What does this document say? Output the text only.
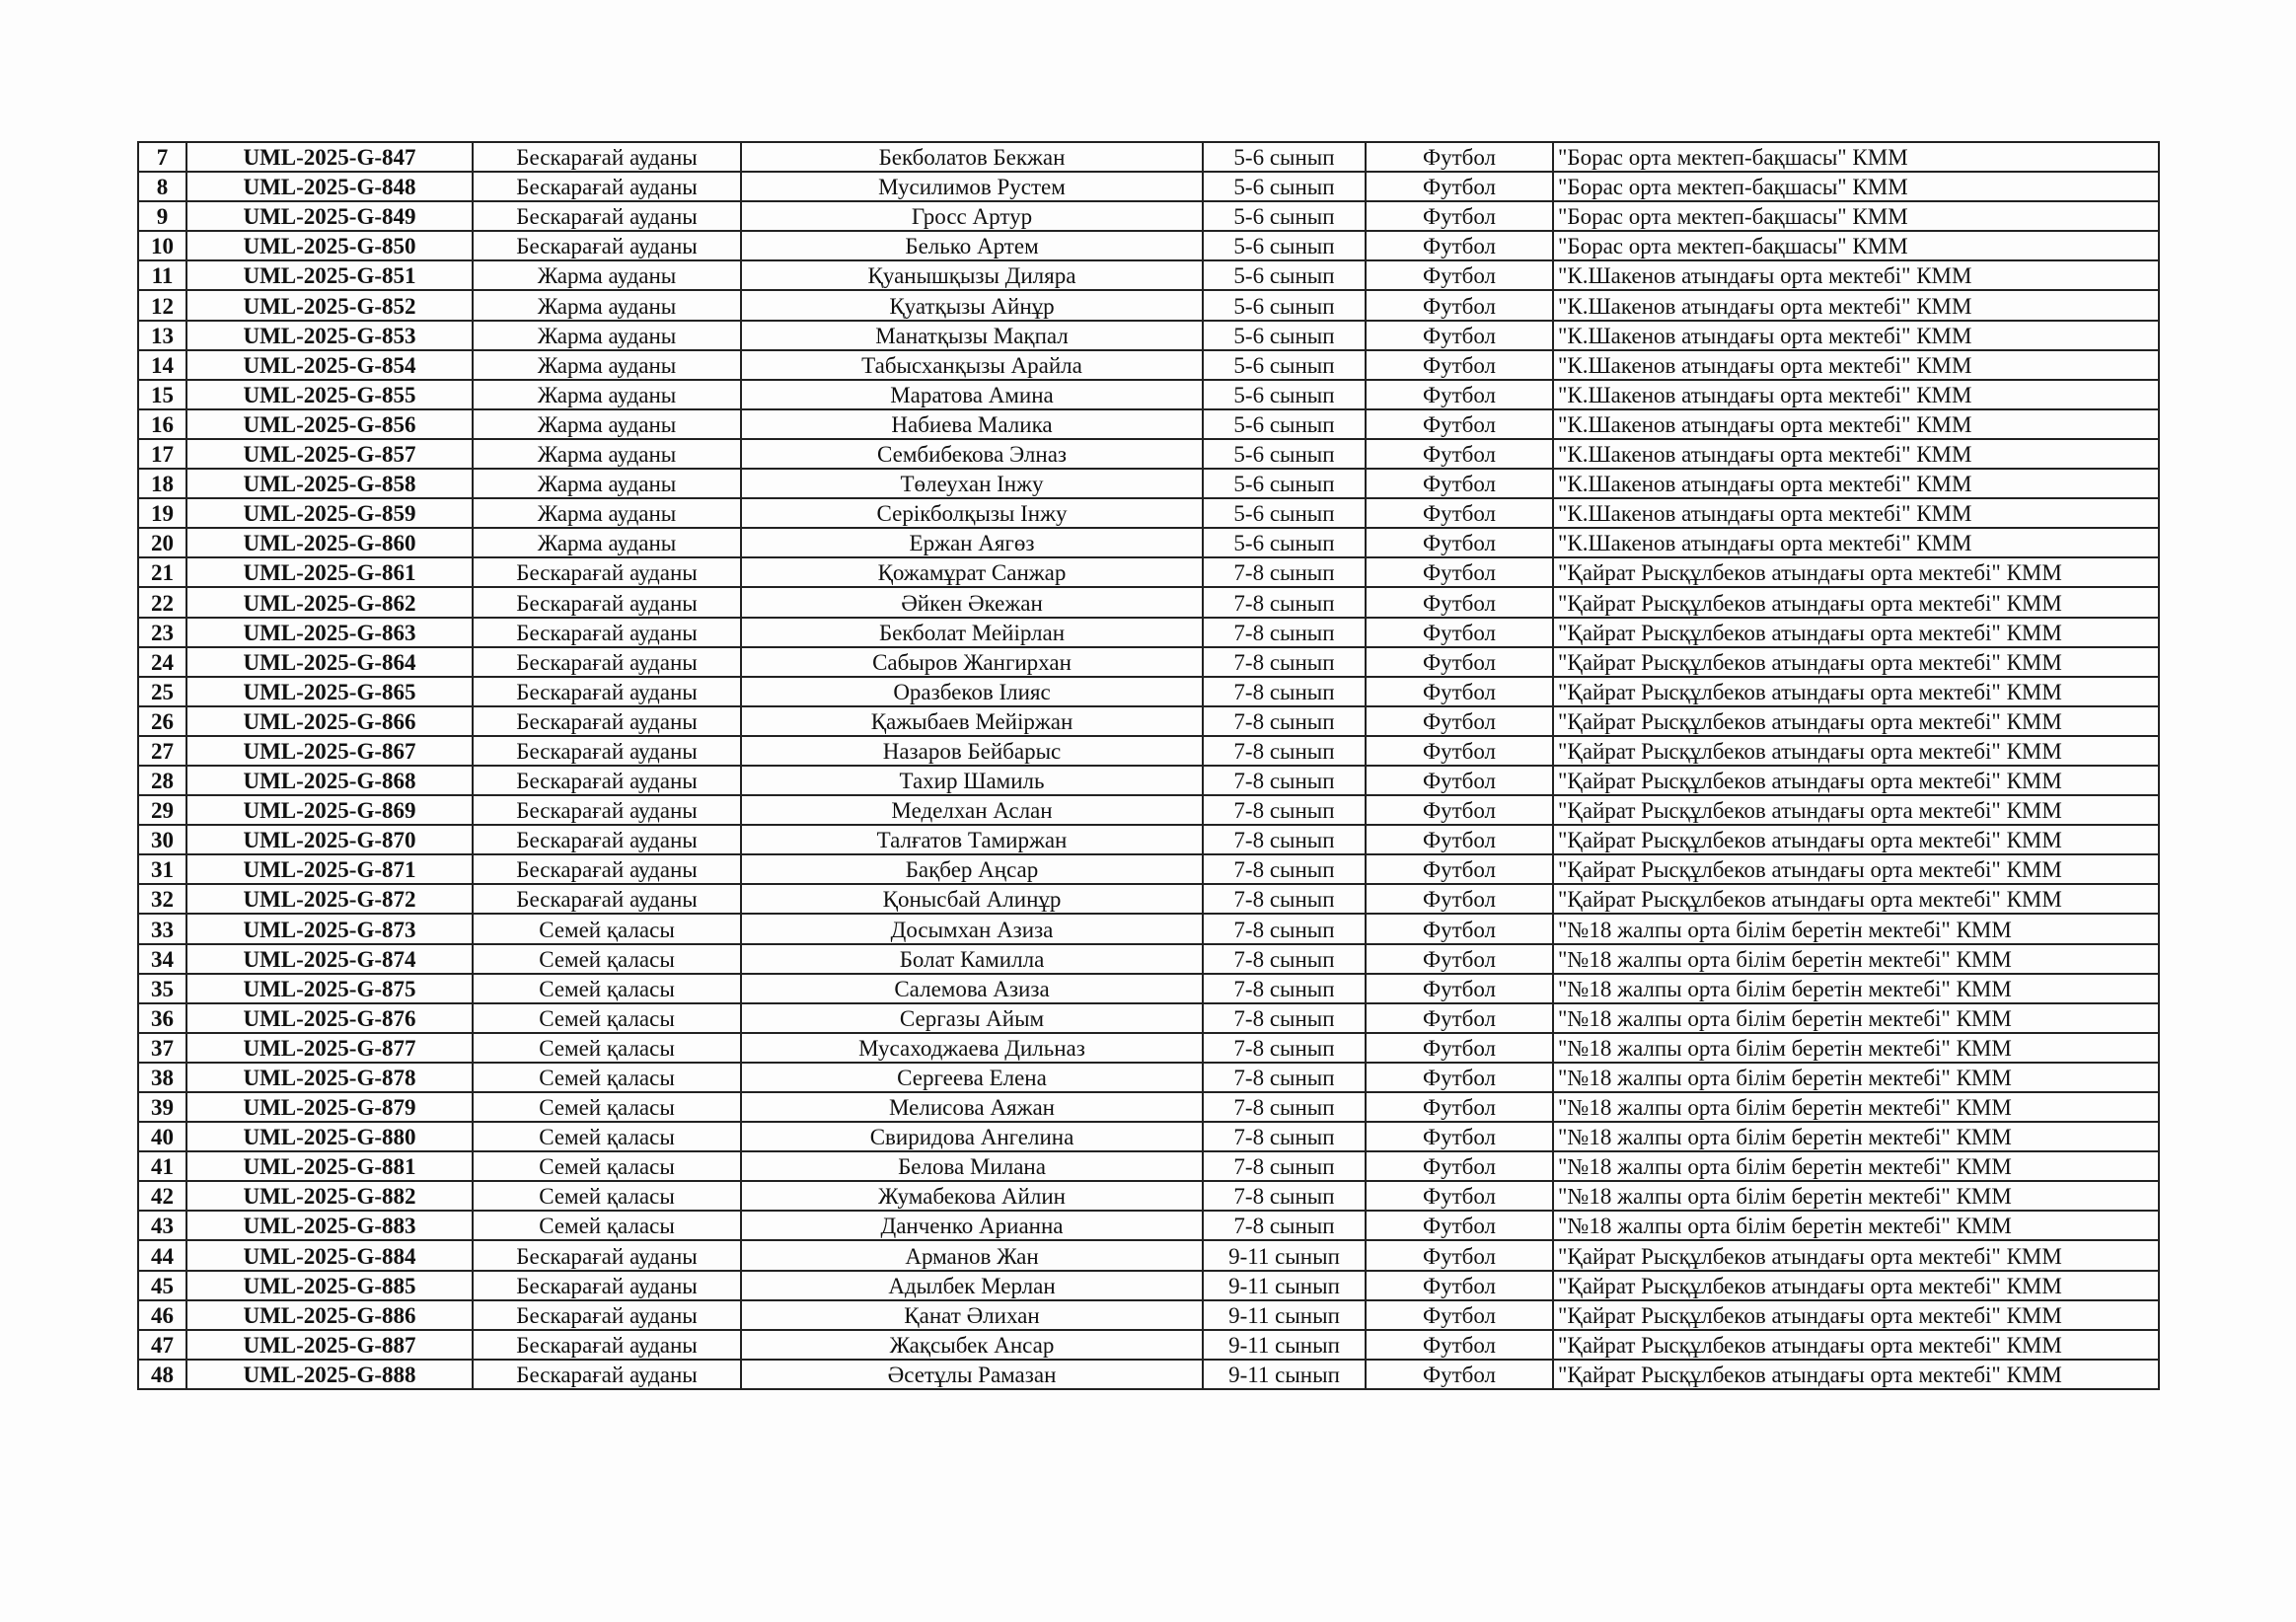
7	UML-2025-G-847	Бескарағай ауданы	Бекболатов Бекжан	5-6 сынып	Футбол	"Борас орта мектеп-бақшасы" КММ
8	UML-2025-G-848	Бескарағай ауданы	Мусилимов Рустем	5-6 сынып	Футбол	"Борас орта мектеп-бақшасы" КММ
9	UML-2025-G-849	Бескарағай ауданы	Гросс Артур	5-6 сынып	Футбол	"Борас орта мектеп-бақшасы" КММ
10	UML-2025-G-850	Бескарағай ауданы	Белько Артем	5-6 сынып	Футбол	"Борас орта мектеп-бақшасы" КММ
11	UML-2025-G-851	Жарма ауданы	Қуанышқызы Диляра	5-6 сынып	Футбол	"К.Шакенов атындағы орта мектебі" КММ
12	UML-2025-G-852	Жарма ауданы	Қуатқызы Айнұр	5-6 сынып	Футбол	"К.Шакенов атындағы орта мектебі" КММ
13	UML-2025-G-853	Жарма ауданы	Манатқызы Мақпал	5-6 сынып	Футбол	"К.Шакенов атындағы орта мектебі" КММ
14	UML-2025-G-854	Жарма ауданы	Табысханқызы Арайла	5-6 сынып	Футбол	"К.Шакенов атындағы орта мектебі" КММ
15	UML-2025-G-855	Жарма ауданы	Маратова Амина	5-6 сынып	Футбол	"К.Шакенов атындағы орта мектебі" КММ
16	UML-2025-G-856	Жарма ауданы	Набиева Малика	5-6 сынып	Футбол	"К.Шакенов атындағы орта мектебі" КММ
17	UML-2025-G-857	Жарма ауданы	Сембибекова Элназ	5-6 сынып	Футбол	"К.Шакенов атындағы орта мектебі" КММ
18	UML-2025-G-858	Жарма ауданы	Төлеухан Інжу	5-6 сынып	Футбол	"К.Шакенов атындағы орта мектебі" КММ
19	UML-2025-G-859	Жарма ауданы	Серікболқызы Інжу	5-6 сынып	Футбол	"К.Шакенов атындағы орта мектебі" КММ
20	UML-2025-G-860	Жарма ауданы	Ержан Аягөз	5-6 сынып	Футбол	"К.Шакенов атындағы орта мектебі" КММ
21	UML-2025-G-861	Бескарағай ауданы	Қожамұрат Санжар	7-8 сынып	Футбол	"Қайрат Рысқұлбеков атындағы орта мектебі" КММ
22	UML-2025-G-862	Бескарағай ауданы	Әйкен Әкежан	7-8 сынып	Футбол	"Қайрат Рысқұлбеков атындағы орта мектебі" КММ
23	UML-2025-G-863	Бескарағай ауданы	Бекболат Мейірлан	7-8 сынып	Футбол	"Қайрат Рысқұлбеков атындағы орта мектебі" КММ
24	UML-2025-G-864	Бескарағай ауданы	Сабыров Жангирхан	7-8 сынып	Футбол	"Қайрат Рысқұлбеков атындағы орта мектебі" КММ
25	UML-2025-G-865	Бескарағай ауданы	Оразбеков Ілияс	7-8 сынып	Футбол	"Қайрат Рысқұлбеков атындағы орта мектебі" КММ
26	UML-2025-G-866	Бескарағай ауданы	Қажыбаев Мейіржан	7-8 сынып	Футбол	"Қайрат Рысқұлбеков атындағы орта мектебі" КММ
27	UML-2025-G-867	Бескарағай ауданы	Назаров Бейбарыс	7-8 сынып	Футбол	"Қайрат Рысқұлбеков атындағы орта мектебі" КММ
28	UML-2025-G-868	Бескарағай ауданы	Тахир Шамиль	7-8 сынып	Футбол	"Қайрат Рысқұлбеков атындағы орта мектебі" КММ
29	UML-2025-G-869	Бескарағай ауданы	Меделхан Аслан	7-8 сынып	Футбол	"Қайрат Рысқұлбеков атындағы орта мектебі" КММ
30	UML-2025-G-870	Бескарағай ауданы	Талғатов Тамиржан	7-8 сынып	Футбол	"Қайрат Рысқұлбеков атындағы орта мектебі" КММ
31	UML-2025-G-871	Бескарағай ауданы	Бақбер Аңсар	7-8 сынып	Футбол	"Қайрат Рысқұлбеков атындағы орта мектебі" КММ
32	UML-2025-G-872	Бескарағай ауданы	Қонысбай Алинұр	7-8 сынып	Футбол	"Қайрат Рысқұлбеков атындағы орта мектебі" КММ
33	UML-2025-G-873	Семей қаласы	Досымхан Азиза	7-8 сынып	Футбол	"№18 жалпы орта білім беретін мектебі" КММ
34	UML-2025-G-874	Семей қаласы	Болат Камилла	7-8 сынып	Футбол	"№18 жалпы орта білім беретін мектебі" КММ
35	UML-2025-G-875	Семей қаласы	Салемова Азиза	7-8 сынып	Футбол	"№18 жалпы орта білім беретін мектебі" КММ
36	UML-2025-G-876	Семей қаласы	Сергазы Айым	7-8 сынып	Футбол	"№18 жалпы орта білім беретін мектебі" КММ
37	UML-2025-G-877	Семей қаласы	Мусаходжаева Дильназ	7-8 сынып	Футбол	"№18 жалпы орта білім беретін мектебі" КММ
38	UML-2025-G-878	Семей қаласы	Сергеева Елена	7-8 сынып	Футбол	"№18 жалпы орта білім беретін мектебі" КММ
39	UML-2025-G-879	Семей қаласы	Мелисова Аяжан	7-8 сынып	Футбол	"№18 жалпы орта білім беретін мектебі" КММ
40	UML-2025-G-880	Семей қаласы	Свиридова Ангелина	7-8 сынып	Футбол	"№18 жалпы орта білім беретін мектебі" КММ
41	UML-2025-G-881	Семей қаласы	Белова Милана	7-8 сынып	Футбол	"№18 жалпы орта білім беретін мектебі" КММ
42	UML-2025-G-882	Семей қаласы	Жумабекова Айлин	7-8 сынып	Футбол	"№18 жалпы орта білім беретін мектебі" КММ
43	UML-2025-G-883	Семей қаласы	Данченко Арианна	7-8 сынып	Футбол	"№18 жалпы орта білім беретін мектебі" КММ
44	UML-2025-G-884	Бескарағай ауданы	Арманов Жан	9-11 сынып	Футбол	"Қайрат Рысқұлбеков атындағы орта мектебі" КММ
45	UML-2025-G-885	Бескарағай ауданы	Адылбек Мерлан	9-11 сынып	Футбол	"Қайрат Рысқұлбеков атындағы орта мектебі" КММ
46	UML-2025-G-886	Бескарағай ауданы	Қанат Әлихан	9-11 сынып	Футбол	"Қайрат Рысқұлбеков атындағы орта мектебі" КММ
47	UML-2025-G-887	Бескарағай ауданы	Жақсыбек Ансар	9-11 сынып	Футбол	"Қайрат Рысқұлбеков атындағы орта мектебі" КММ
48	UML-2025-G-888	Бескарағай ауданы	Әсетұлы Рамазан	9-11 сынып	Футбол	"Қайрат Рысқұлбеков атындағы орта мектебі" КММ
